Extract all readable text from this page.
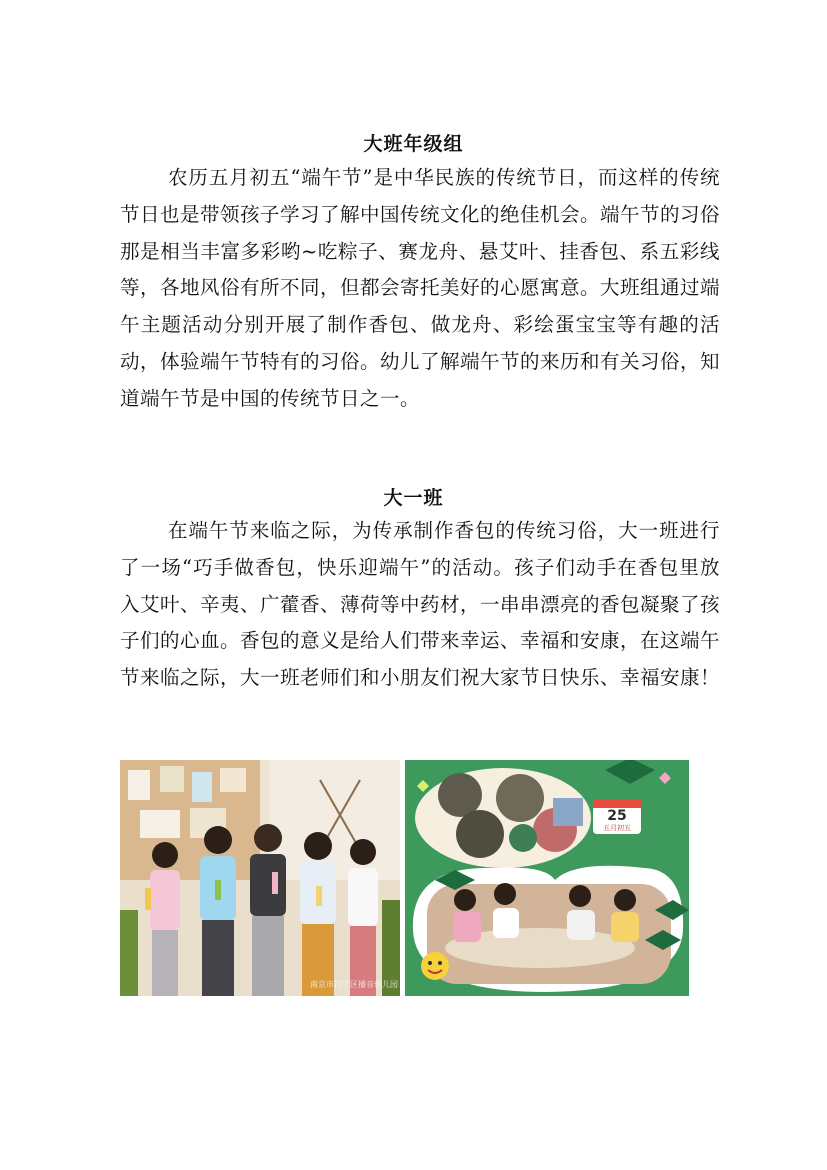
大班年级组
农历五月初五“端午节”是中华民族的传统节日，而这样的传统节日也是带领孩子学习了解中国传统文化的绝佳机会。端午节的习俗那是相当丰富多彩哟~吃粽子、赛龙舟、悬艾叶、挂香包、系五彩线等，各地风俗有所不同，但都会寄托美好的心愿寓意。大班组通过端午主题活动分别开展了制作香包、做龙舟、彩绘蛋宝宝等有趣的活动，体验端午节特有的习俗。幼儿了解端午节的来历和有关习俗，知道端午节是中国的传统节日之一。
大一班
在端午节来临之际，为传承制作香包的传统习俗，大一班进行了一场“巧手做香包，快乐迎端午”的活动。孩子们动手在香包里放入艾叶、辛夷、广藿香、薄荷等中药材，一串串漂亮的香包凝聚了孩子们的心血。香包的意义是给人们带来幸运、幸福和安康，在这端午节来临之际，大一班老师们和小朋友们祝大家节日快乐、幸福安康！
南京市江宁区播音幼儿园
25
五月初五
